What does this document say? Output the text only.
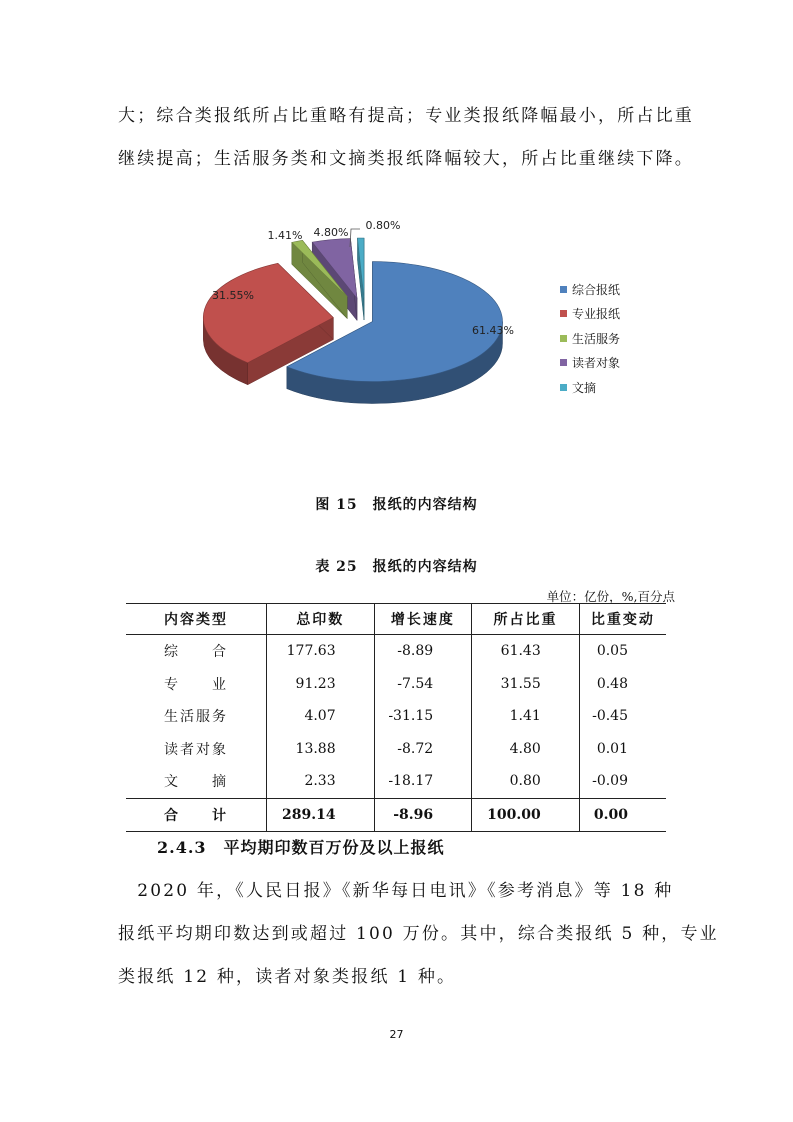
大；综合类报纸所占比重略有提高；专业类报纸降幅最小，所占比重
继续提高；生活服务类和文摘类报纸降幅较大，所占比重继续下降。
61.43%
31.55%
1.41% 4.80%
0.80%
综合报纸
专业报纸
生活服务
读者对象
文摘
图 15　报纸的内容结构
表 25　报纸的内容结构
单位：亿份，%,百分点
内容类型	总印数	增长速度	所占比重	比重变动
综　　合	177.63	-8.89	61.43	0.05
专　　业	91.23	-7.54	31.55	0.48
生活服务	4.07	-31.15	1.41	-0.45
读者对象	13.88	-8.72	4.80	0.01
文　　摘	2.33	-18.17	0.80	-0.09
合　　计	289.14	-8.96	100.00	0.00
2.4.3　平均期印数百万份及以上报纸
　2020 年，《人民日报》《新华每日电讯》《参考消息》等 18 种
报纸平均期印数达到或超过 100 万份。其中，综合类报纸 5 种，专业
类报纸 12 种，读者对象类报纸 1 种。
27
